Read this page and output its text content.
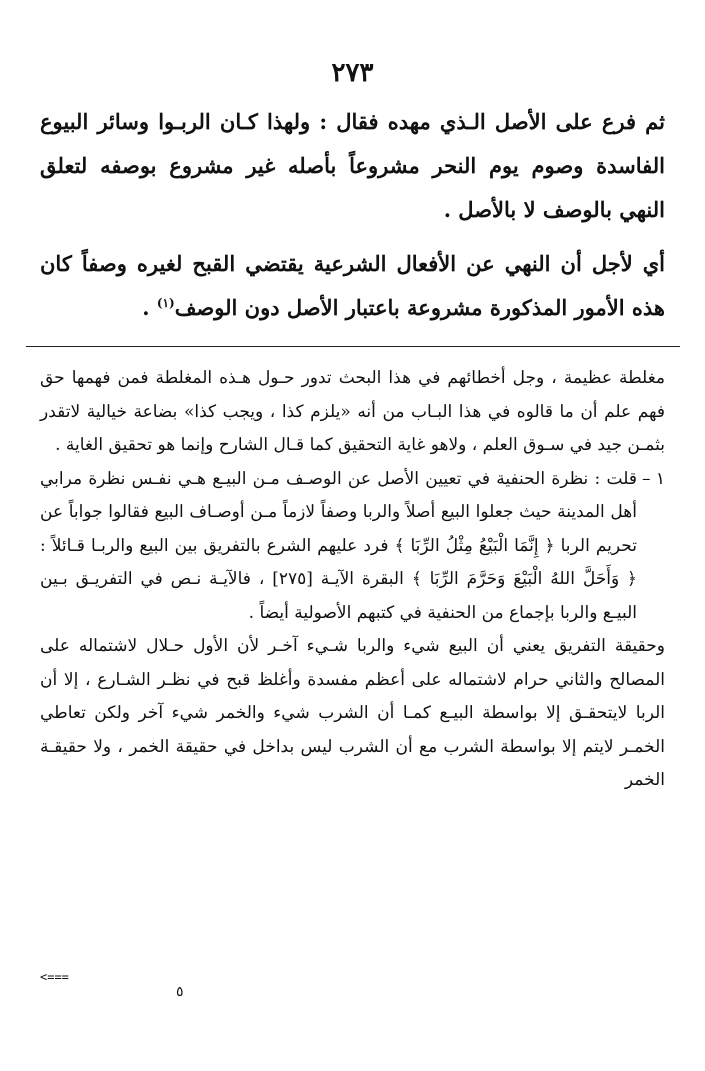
٢٧٣

ثم فرع على الأصل الـذي مهده فقال : ولهذا كـان الربـوا وسائر البيوع الفاسدة وصوم يوم النحر مشروعاً بأصله غير مشروع بوصفه لتعلق النهي بالوصف لا بالأصل .

أي لأجل أن النهي عن الأفعال الشرعية يقتضي القبح لغيره وصفاً كان هذه الأمور المذكورة مشروعة باعتبار الأصل دون الوصف$^{(١)}$ .

مغلطة عظيمة ، وجل أخطائهم في هذا البحث تدور حـول هـذه المغلطة فمن فهمها حق فهم علم أن ما قالوه في هذا البـاب من أنه «يلزم كذا ، ويجب كذا» بضاعة خيالية لاتقدر بثمـن جيد في سـوق العلم ، ولاهو غاية التحقيق كما قـال الشارح وإنما هو تحقيق الغاية .

١ –
قلت : نظرة الحنفية في تعيين الأصل عن الوصـف مـن البيـع هـي نفـس نظرة مرابي أهل المدينة حيث جعلوا البيع أصلاً والربا وصفاً لازماً مـن أوصـاف البيع فقالوا جواباً عن تحريم الربا ﴿ إِنَّمَا الْبَيْعُ مِثْلُ الرِّبَا ﴾ فرد عليهم الشرع بالتفريق بين البيع والربـا قـائلاً : ﴿ وَأَحَلَّ اللهُ الْبَيْعَ وَحَرَّمَ الرِّبَا ﴾ البقرة الآيـة [٢٧٥] ، فالآيـة نـص في التفريـق بـين البيـع والربا بإجماع من الحنفية في كتبهم الأصولية أيضاً .

وحقيقة التفريق يعني أن البيع شيء والربا شـيء آخـر لأن الأول حـلال لاشتماله على المصالح والثاني حرام لاشتماله على أعظم مفسدة وأغلظ قبح في نظـر الشـارع ، إلا أن الربا لايتحقـق إلا بواسطة البيـع كمـا أن الشرب شيء والخمر شيء آخر ولكن تعاطي الخمـر لايتم إلا بواسطة الشرب مع أن الشرب ليس بداخل في حقيقة الخمر ، ولا حقيقـة الخمر

<===
٥
